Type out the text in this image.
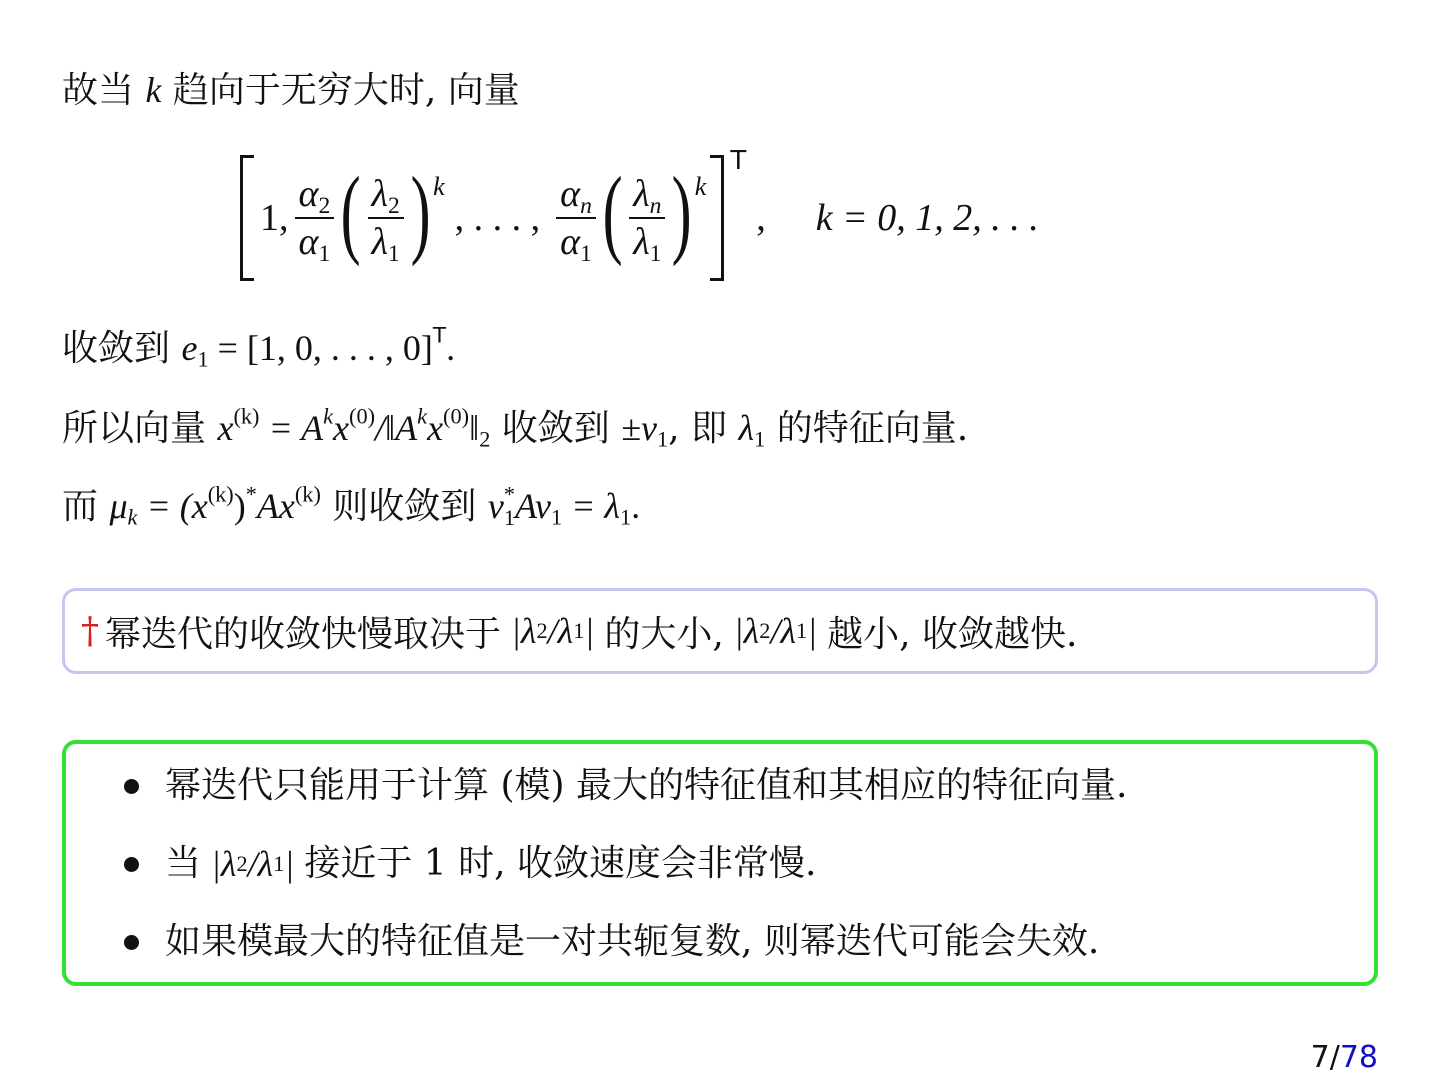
故当 k 趋向于无穷大时, 向量
1, $\frac{\alpha_2}{\alpha_1}$ ( $\frac{\lambda_2}{\lambda_1}$ ) k
, . . . , $\frac{\alpha_n}{\alpha_1}$ ( $\frac{\lambda_n}{\lambda_1}$ ) k
T
, k = 0, 1, 2, . . .
收敛到 $e_1 = [1$, 0, . . . , 0]$^T$.
所以向量 $x^{(k)}$ = $A^kx^{(0)}/‖A^kx^{(0)}‖_2$ 收敛到 $\pm v_1$, 即 $\lambda_1$ 的特征向量.
而 $\mu_k = (x^{(k)})^*Ax^{(k)}$ 则收敛到 $v^*_1Av_1 = \lambda_1$.
† 幂迭代的收敛快慢取决于 |λ 2 /λ 1 | 的大小, |λ 2 /λ 1 | 越小, 收敛越快.
幂迭代只能用于计算 (模) 最大的特征值和其相应的特征向量.
当 |λ 2 /λ 1 | 接近于 1 时, 收敛速度会非常慢.
如果模最大的特征值是一对共轭复数, 则幂迭代可能会失效.
7/78
